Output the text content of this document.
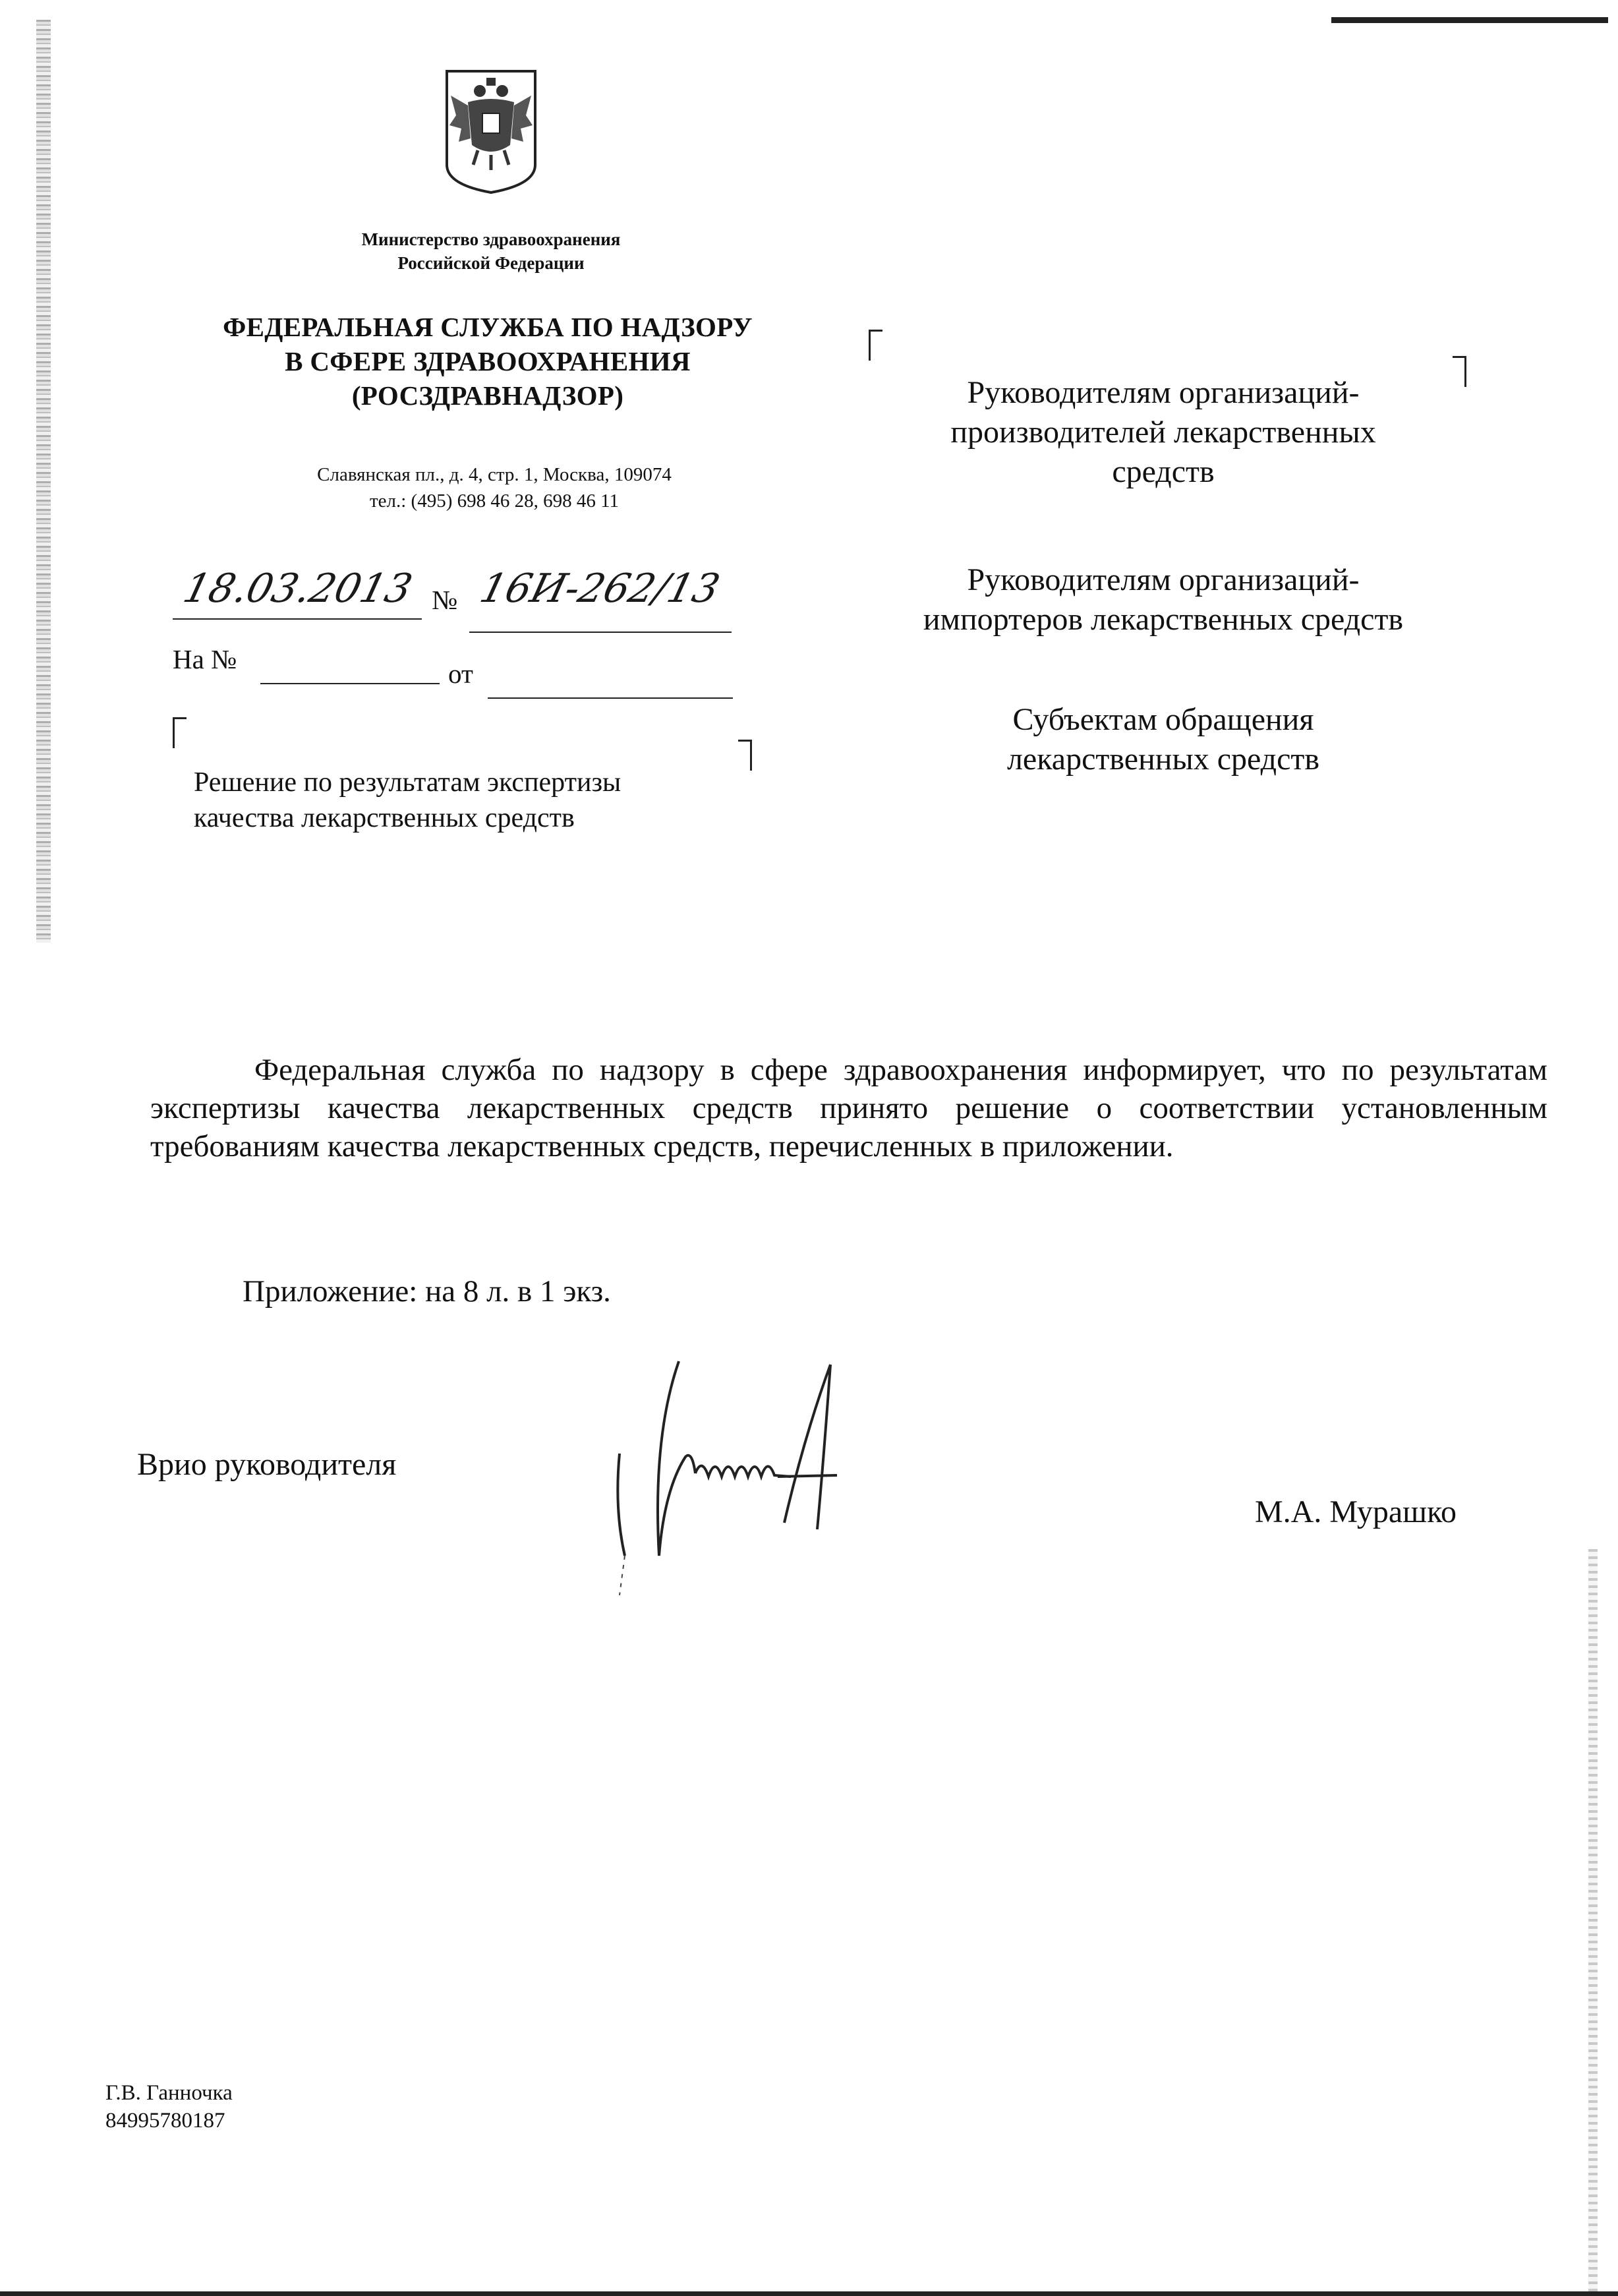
Министерство здравоохранения
Российской Федерации
ФЕДЕРАЛЬНАЯ СЛУЖБА ПО НАДЗОРУ
В СФЕРЕ ЗДРАВООХРАНЕНИЯ
(РОСЗДРАВНАДЗОР)
Славянская пл., д. 4, стр. 1, Москва, 109074
тел.: (495) 698 46 28, 698 46 11
18.03.2013 № 16И-262/13
На №	от
Решение по результатам экспертизы
качества лекарственных средств
Руководителям организаций-
производителей лекарственных
средств
Руководителям организаций-
импортеров лекарственных средств
Субъектам обращения
лекарственных средств
Федеральная служба по надзору в сфере здравоохранения информирует, что по результатам экспертизы качества лекарственных средств принято решение о соответствии установленным требованиям качества лекарственных средств, перечисленных в приложении.
Приложение: на 8 л. в 1 экз.
Врио руководителя
М.А. Мурашко
Г.В. Ганночка
84995780187
